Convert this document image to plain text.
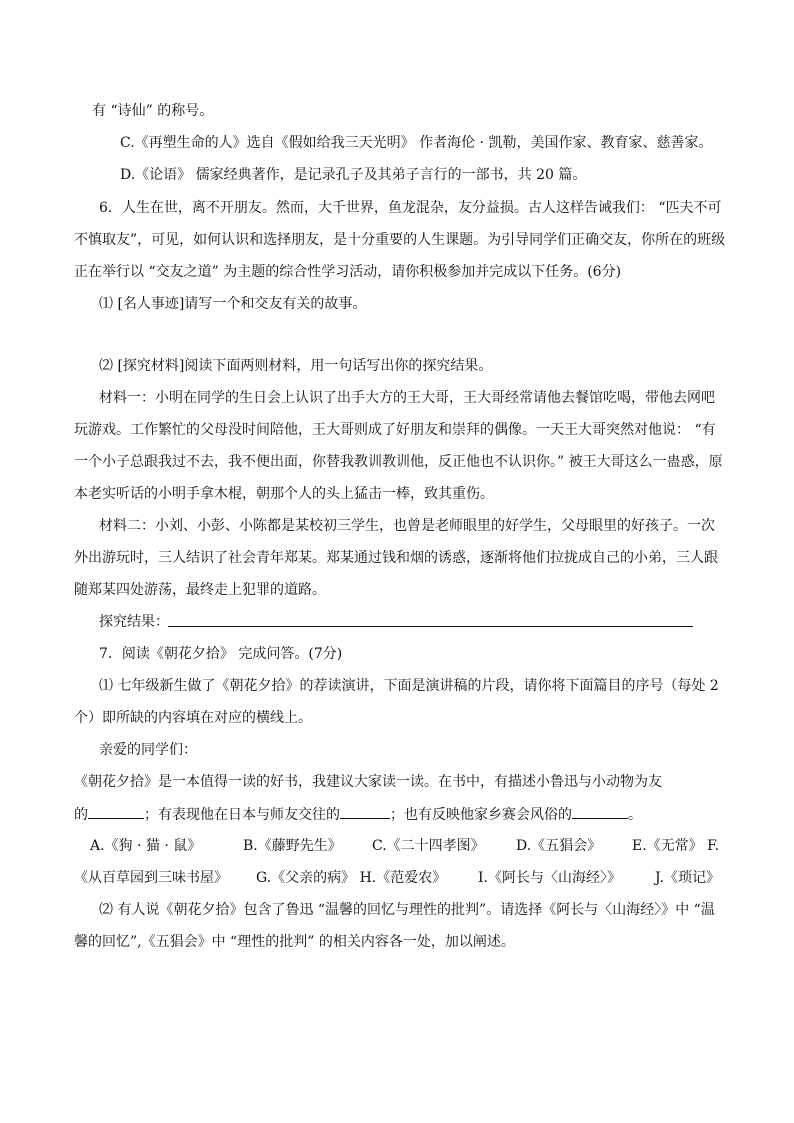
有 “诗仙” 的称号。
C.《再塑生命的人》选自《假如给我三天光明》 作者海伦 · 凯勒，美国作家、教育家、慈善家。
D.《论语》 儒家经典著作，是记录孔子及其弟子言行的一部书，共 20 篇。
6．人生在世，离不开朋友。然而，大千世界，鱼龙混杂，友分益损。古人这样告诫我们： “匹夫不可
不慎取友”，可见，如何认识和选择朋友，是十分重要的人生课题。为引导同学们正确交友，你所在的班级
正在举行以 “交友之道” 为主题的综合性学习活动，请你积极参加并完成以下任务。(6分)
⑴ [名人事迹]请写一个和交友有关的故事。
⑵ [探究材料]阅读下面两则材料，用一句话写出你的探究结果。
材料一：小明在同学的生日会上认识了出手大方的王大哥，王大哥经常请他去餐馆吃喝，带他去网吧
玩游戏。工作繁忙的父母没时间陪他，王大哥则成了好朋友和崇拜的偶像。一天王大哥突然对他说： “有
一个小子总跟我过不去，我不便出面，你替我教训教训他，反正他也不认识你。” 被王大哥这么一蛊惑，原
本老实听话的小明手拿木棍，朝那个人的头上猛击一棒，致其重伤。
材料二：小刘、小彭、小陈都是某校初三学生，也曾是老师眼里的好学生，父母眼里的好孩子。一次
外出游玩时，三人结识了社会青年郑某。郑某通过钱和烟的诱惑，逐渐将他们拉拢成自己的小弟，三人跟
随郑某四处游荡，最终走上犯罪的道路。
探究结果：
7．阅读《朝花夕拾》 完成问答。(7分)
⑴ 七年级新生做了《朝花夕拾》的荐读演讲，下面是演讲稿的片段，请你将下面篇目的序号（每处 2
个）即所缺的内容填在对应的横线上。
亲爱的同学们：
《朝花夕拾》是一本值得一读的好书，我建议大家读一读。在书中，有描述小鲁迅与小动物为友
的	；有表现他在日本与师友交往的	；也有反映他家乡赛会风俗的	。
A.《狗 · 猫 · 鼠》	B.《藤野先生》 C.《二十四孝图》 D.《五猖会》 E.《无常》 F.
《从百草园到三味书屋》 G.《父亲的病》 H.《范爱农》 I.《阿长与〈山海经〉》 J.《琐记》
⑵ 有人说《朝花夕拾》包含了鲁迅 “温馨的回忆与理性的批判”。请选择《阿长与〈山海经〉》中 “温
馨的回忆”,《五猖会》中 “理性的批判” 的相关内容各一处，加以阐述。
